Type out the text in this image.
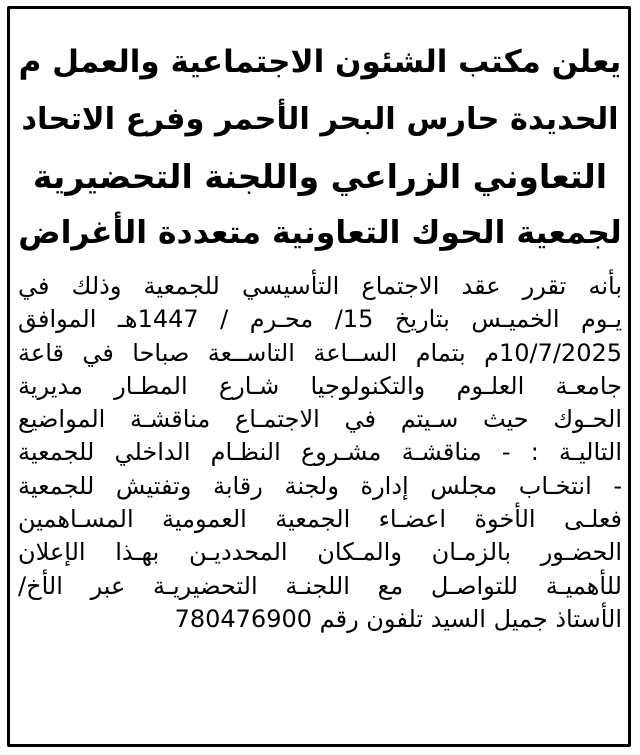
يعلن مكتب الشئون الاجتماعية والعمل م
الحديدة حارس البحر الأحمر وفرع الاتحاد
التعاوني الزراعي واللجنة التحضيرية
لجمعية الحوك التعاونية متعددة الأغراض
بأنه تقرر عقد الاجتماع التأسيسي للجمعية وذلك في
يـوم الخميـس بتاريخ 15/ محـرم / 1447هـ الموافق
10/7/2025م بتمام الســاعة التاســعة صباحا في قاعة
جامعـة العلـوم والتكنولوجيا شـارع المطـار مديرية
الحـوك حيث سـيتم في الاجتمـاع مناقشـة المواضيع
التاليـة : - مناقشـة مشـروع النظـام الداخلي للجمعية
- انتخـاب مجلس إدارة ولجنة رقابة وتفتيش للجمعية
فعلـى الأخوة اعضـاء الجمعية العمومية المسـاهمين
الحضـور بالزمـان والمـكان المحدديـن بهـذا الإعلان
للأهميـة للتواصـل مع اللجنـة التحضيريـة عبر الأخ/
الأستاذ جميل السيد تلفون رقم 780476900
